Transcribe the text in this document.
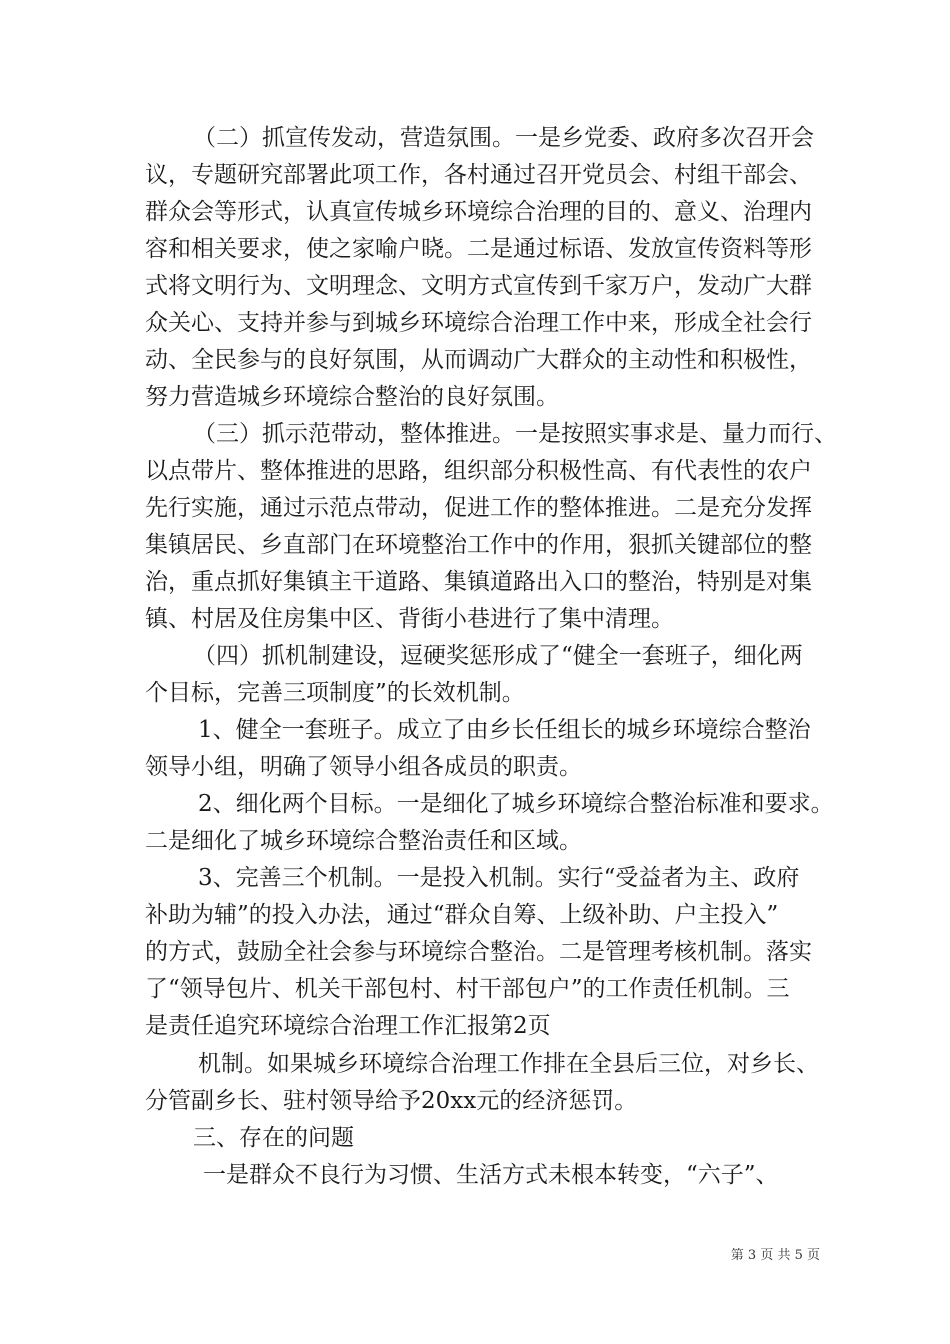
（二）抓宣传发动，营造氛围。一是乡党委、政府多次召开会
议，专题研究部署此项工作，各村通过召开党员会、村组干部会、
群众会等形式，认真宣传城乡环境综合治理的目的、意义、治理内
容和相关要求，使之家喻户晓。二是通过标语、发放宣传资料等形
式将文明行为、文明理念、文明方式宣传到千家万户，发动广大群
众关心、支持并参与到城乡环境综合治理工作中来，形成全社会行
动、全民参与的良好氛围，从而调动广大群众的主动性和积极性，
努力营造城乡环境综合整治的良好氛围。
（三）抓示范带动，整体推进。一是按照实事求是、量力而行、
以点带片、整体推进的思路，组织部分积极性高、有代表性的农户
先行实施，通过示范点带动，促进工作的整体推进。二是充分发挥
集镇居民、乡直部门在环境整治工作中的作用，狠抓关键部位的整
治，重点抓好集镇主干道路、集镇道路出入口的整治，特别是对集
镇、村居及住房集中区、背街小巷进行了集中清理。
（四）抓机制建设，逗硬奖惩形成了“健全一套班子，细化两
个目标，完善三项制度”的长效机制。
1、健全一套班子。成立了由乡长任组长的城乡环境综合整治
领导小组，明确了领导小组各成员的职责。
2、细化两个目标。一是细化了城乡环境综合整治标准和要求。
二是细化了城乡环境综合整治责任和区域。
3、完善三个机制。一是投入机制。实行“受益者为主、政府
补助为辅”的投入办法，通过“群众自筹、上级补助、户主投入”
的方式，鼓励全社会参与环境综合整治。二是管理考核机制。落实
了“领导包片、机关干部包村、村干部包户”的工作责任机制。三
是责任追究环境综合治理工作汇报第2页
机制。如果城乡环境综合治理工作排在全县后三位，对乡长、
分管副乡长、驻村领导给予20xx元的经济惩罚。
三、存在的问题
一是群众不良行为习惯、生活方式未根本转变，“六子”、
第 3 页 共 5 页
